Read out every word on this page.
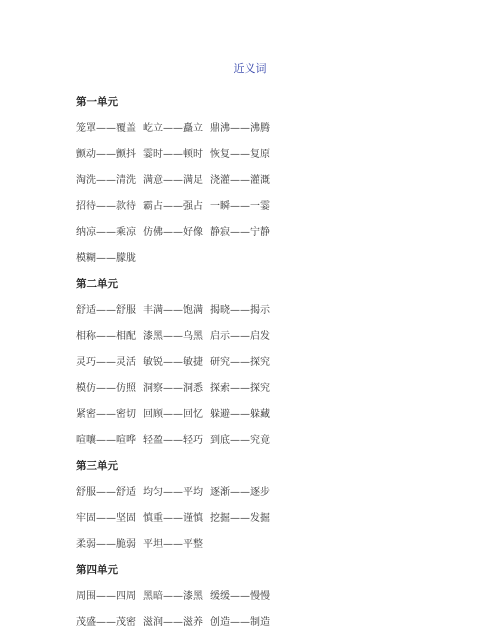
近义词
第一单元
笼罩——覆盖 屹立——矗立 鼎沸——沸腾
颤动——颤抖 霎时——顿时 恢复——复原
淘洗——清洗 满意——满足 浇灌——灌溉
招待——款待 霸占——强占 一瞬——一霎
纳凉——乘凉 仿佛——好像 静寂——宁静
模糊——朦胧
第二单元
舒适——舒服 丰满——饱满 揭晓——揭示
相称——相配 漆黑——乌黑 启示——启发
灵巧——灵活 敏锐——敏捷 研究——探究
模仿——仿照 洞察——洞悉 探索——探究
紧密——密切 回顾——回忆 躲避——躲藏
喧嚷——喧哗 轻盈——轻巧 到底——究竟
第三单元
舒服——舒适 均匀——平均 逐渐——逐步
牢固——坚固 慎重——谨慎 挖掘——发掘
柔弱——脆弱 平坦——平整
第四单元
周围——四周 黑暗——漆黑 缓缓——慢慢
茂盛——茂密 滋润——滋养 创造——制造
